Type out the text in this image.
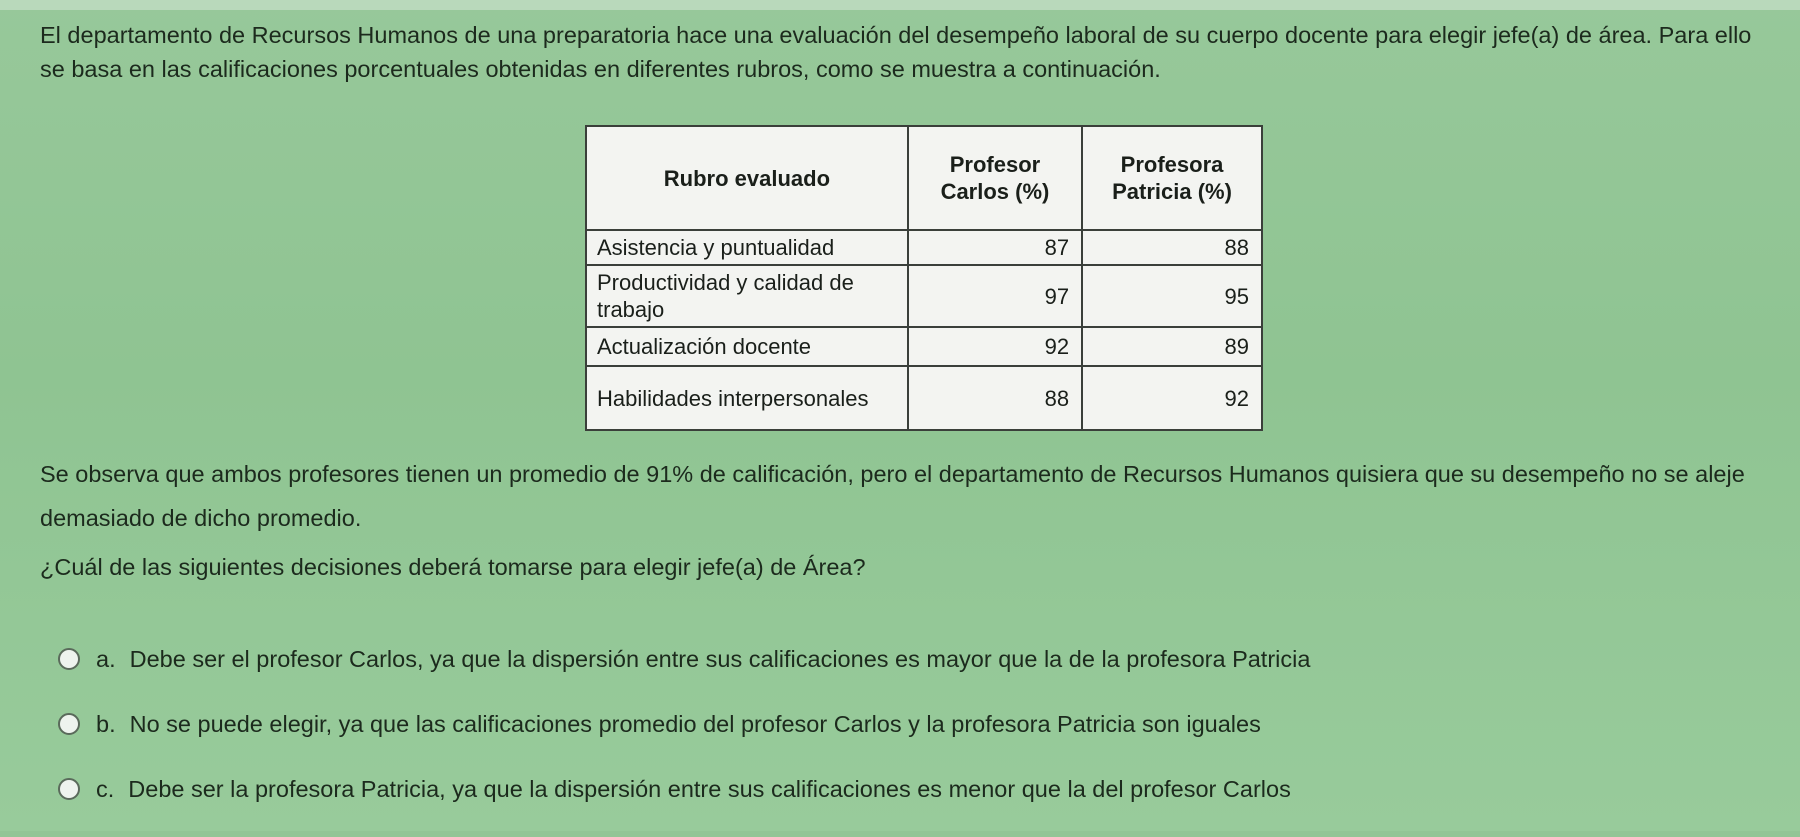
El departamento de Recursos Humanos de una preparatoria hace una evaluación del desempeño laboral de su cuerpo docente para elegir jefe(a) de área. Para ello se basa en las calificaciones porcentuales obtenidas en diferentes rubros, como se muestra a continuación.

Rubro evaluado	Profesor Carlos (%)	Profesora Patricia (%)
Asistencia y puntualidad	87	88
Productividad y calidad de trabajo	97	95
Actualización docente	92	89
Habilidades interpersonales	88	92

Se observa que ambos profesores tienen un promedio de 91% de calificación, pero el departamento de Recursos Humanos quisiera que su desempeño no se aleje demasiado de dicho promedio.

¿Cuál de las siguientes decisiones deberá tomarse para elegir jefe(a) de Área?

a. Debe ser el profesor Carlos, ya que la dispersión entre sus calificaciones es mayor que la de la profesora Patricia
b. No se puede elegir, ya que las calificaciones promedio del profesor Carlos y la profesora Patricia son iguales
c. Debe ser la profesora Patricia, ya que la dispersión entre sus calificaciones es menor que la del profesor Carlos
